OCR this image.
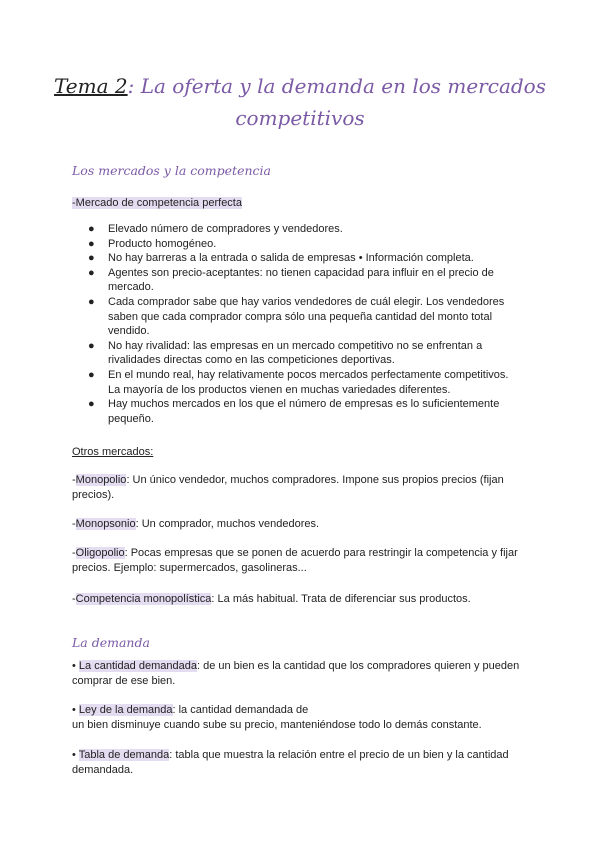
Tema 2: La oferta y la demanda en los mercados competitivos
Los mercados y la competencia
-Mercado de competencia perfecta
● Elevado número de compradores y vendedores.
● Producto homogéneo.
● No hay barreras a la entrada o salida de empresas • Información completa.
● Agentes son precio-aceptantes: no tienen capacidad para influir en el precio de mercado.
● Cada comprador sabe que hay varios vendedores de cuál elegir. Los vendedores saben que cada comprador compra sólo una pequeña cantidad del monto total vendido.
● No hay rivalidad: las empresas en un mercado competitivo no se enfrentan a rivalidades directas como en las competiciones deportivas.
● En el mundo real, hay relativamente pocos mercados perfectamente competitivos. La mayoría de los productos vienen en muchas variedades diferentes.
● Hay muchos mercados en los que el número de empresas es lo suficientemente pequeño.
Otros mercados:
-Monopolio: Un único vendedor, muchos compradores. Impone sus propios precios (fijan precios).
-Monopsonio: Un comprador, muchos vendedores.
-Oligopolio: Pocas empresas que se ponen de acuerdo para restringir la competencia y fijar precios. Ejemplo: supermercados, gasolineras...
-Competencia monopolística: La más habitual. Trata de diferenciar sus productos.
La demanda
• La cantidad demandada: de un bien es la cantidad que los compradores quieren y pueden comprar de ese bien.
• Ley de la demanda: la cantidad demandada de
un bien disminuye cuando sube su precio, manteniéndose todo lo demás constante.
• Tabla de demanda: tabla que muestra la relación entre el precio de un bien y la cantidad demandada.
